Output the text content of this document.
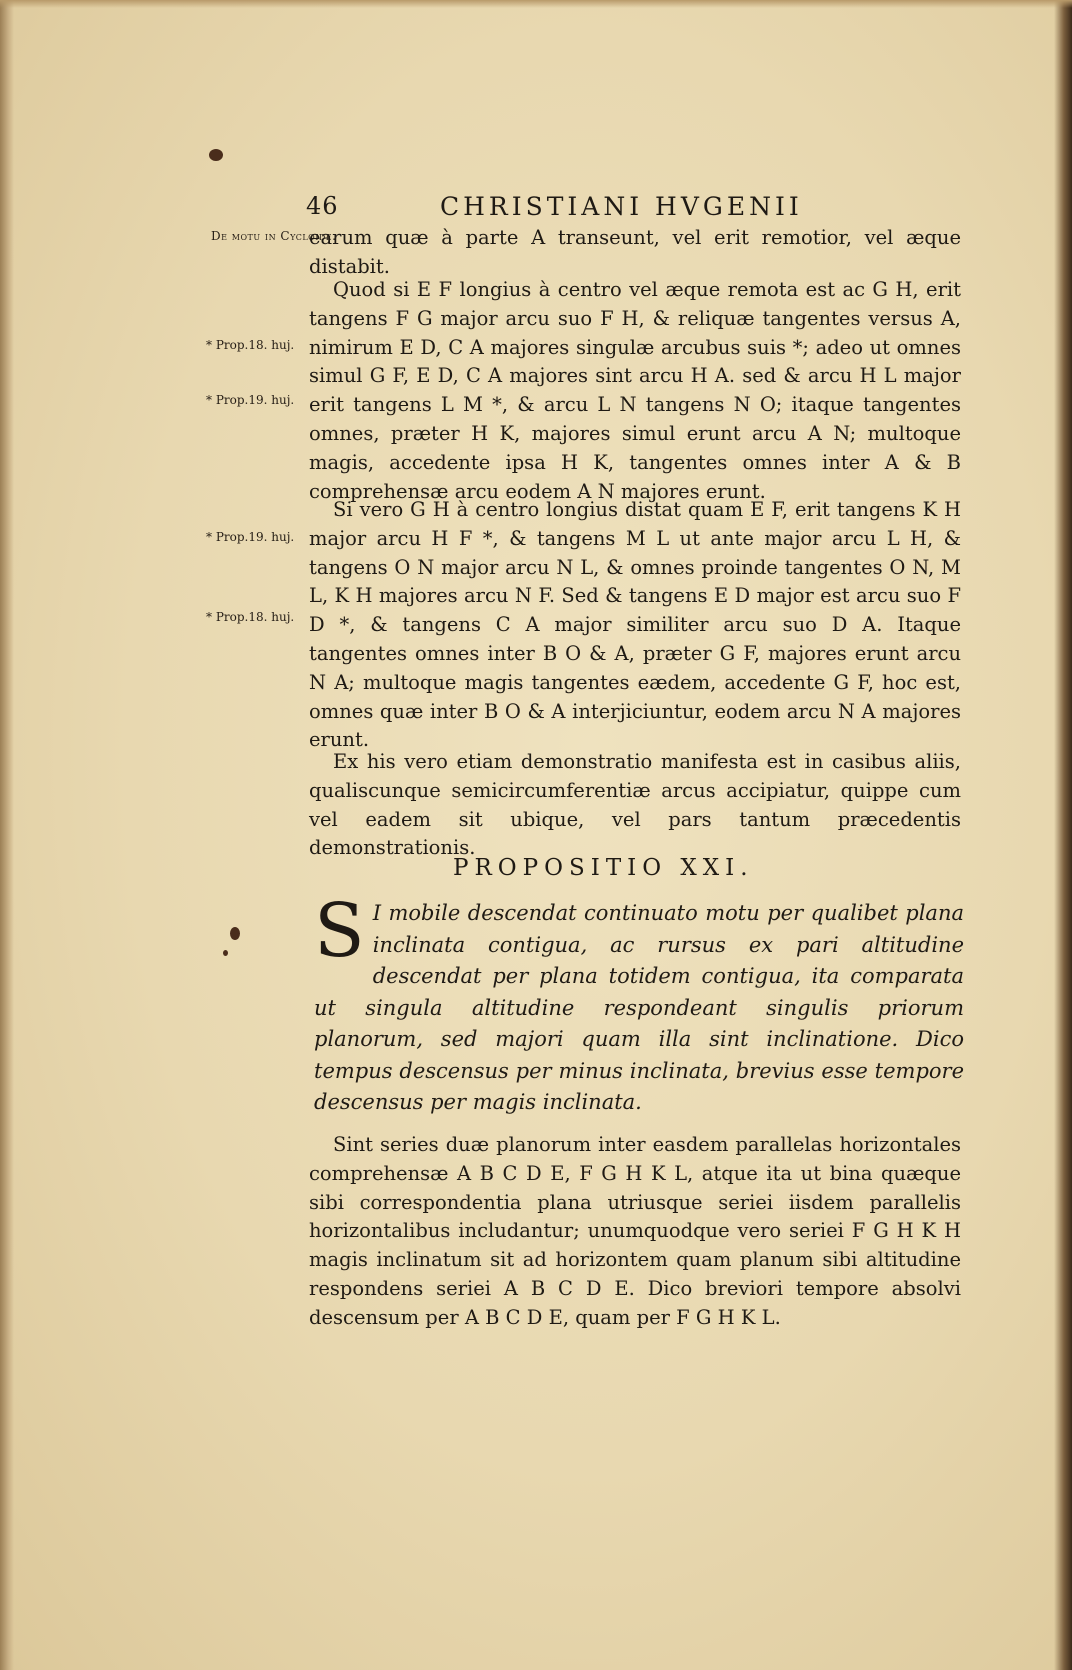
46	CHRISTIANI HVGENII
De motu in Cycloide.
* Prop.18. huj.
* Prop.19. huj.
* Prop.19. huj.
* Prop.18. huj.

earum quæ à parte A transeunt, vel erit remotior, vel æque distabit.

Quod si E F longius à centro vel æque remota est ac G H, erit tangens F G major arcu suo F H, & reliquæ tangentes versus A, nimirum E D, C A majores singulæ arcubus suis *; adeo ut omnes simul G F, E D, C A majores sint arcu H A. sed & arcu H L major erit tangens L M *, & arcu L N tangens N O; itaque tangentes omnes, præter H K, majores simul erunt arcu A N; multoque magis, accedente ipsa H K, tangentes omnes inter A & B comprehensæ arcu eodem A N majores erunt.

Si vero G H à centro longius distat quam E F, erit tangens K H major arcu H F *, & tangens M L ut ante major arcu L H, & tangens O N major arcu N L, & omnes proinde tangentes O N, M L, K H majores arcu N F. Sed & tangens E D major est arcu suo F D *, & tangens C A major similiter arcu suo D A. Itaque tangentes omnes inter B O & A, præter G F, majores erunt arcu N A; multoque magis tangentes eædem, accedente G F, hoc est, omnes quæ inter B O & A interjiciuntur, eodem arcu N A majores erunt.

Ex his vero etiam demonstratio manifesta est in casibus aliis, qualiscunque semicircumferentiæ arcus accipiatur, quippe cum vel eadem sit ubique, vel pars tantum præcedentis demonstrationis.

PROPOSITIO XXI.
S I mobile descendat continuato motu per qualibet plana inclinata contigua, ac rursus ex pari altitudine descendat per plana totidem contigua, ita comparata ut singula altitudine respondeant singulis priorum planorum, sed majori quam illa sint inclinatione. Dico tempus descensus per minus inclinata, brevius esse tempore descensus per magis inclinata.

Sint series duæ planorum inter easdem parallelas horizontales comprehensæ A B C D E, F G H K L, atque ita ut bina quæque sibi correspondentia plana utriusque seriei iisdem parallelis horizontalibus includantur; unumquodque vero seriei F G H K H magis inclinatum sit ad horizontem quam planum sibi altitudine respondens seriei A B C D E. Dico breviori tempore absolvi descensum per A B C D E, quam per F G H K L.
